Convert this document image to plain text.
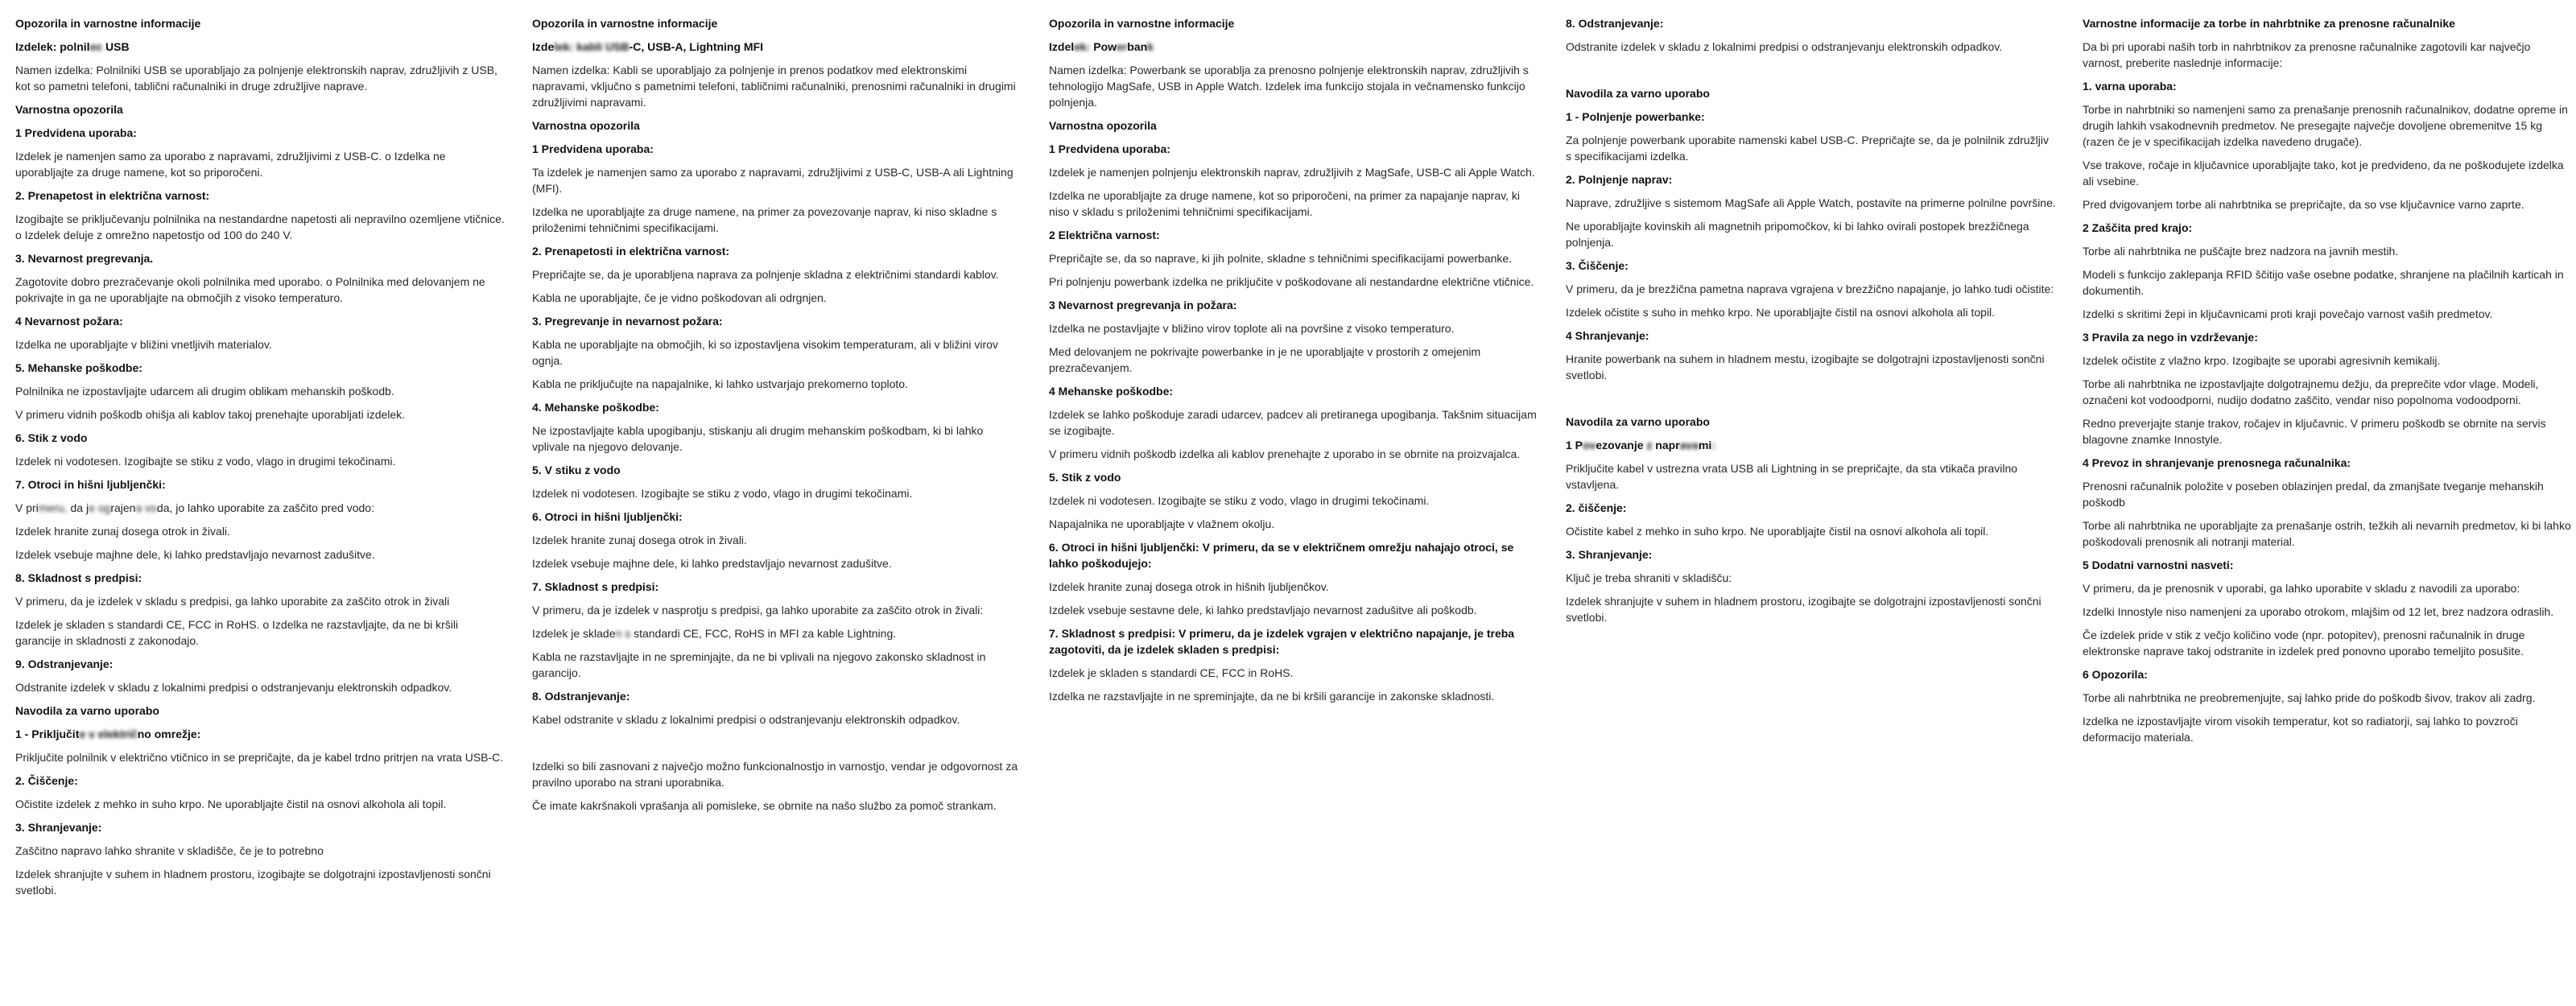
Opozorila in varnostne informacije
Izdelek: polnilec USB

Namen izdelka: Polnilniki USB se uporabljajo za polnjenje elektronskih naprav, združljivih z USB, kot so pametni telefoni, tablični računalniki in druge združljive naprave.

Varnostna opozorila
1 Predvidena uporaba:

Izdelek je namenjen samo za uporabo z napravami, združljivimi z USB-C. o Izdelka ne uporabljajte za druge namene, kot so priporočeni.

2. Prenapetost in električna varnost:

Izogibajte se priključevanju polnilnika na nestandardne napetosti ali nepravilno ozemljene vtičnice. o Izdelek deluje z omrežno napetostjo od 100 do 240 V.

3. Nevarnost pregrevanja.

Zagotovite dobro prezračevanje okoli polnilnika med uporabo. o Polnilnika med delovanjem ne pokrivajte in ga ne uporabljajte na območjih z visoko temperaturo.

4 Nevarnost požara:

Izdelka ne uporabljajte v bližini vnetljivih materialov.

5. Mehanske poškodbe:

Polnilnika ne izpostavljajte udarcem ali drugim oblikam mehanskih poškodb.

V primeru vidnih poškodb ohišja ali kablov takoj prenehajte uporabljati izdelek.

6. Stik z vodo

Izdelek ni vodotesen. Izogibajte se stiku z vodo, vlago in drugimi tekočinami.

7. Otroci in hišni ljubljenčki:

V primeru, da je ograjena voda, jo lahko uporabite za zaščito pred vodo:

Izdelek hranite zunaj dosega otrok in živali.

Izdelek vsebuje majhne dele, ki lahko predstavljajo nevarnost zadušitve.

8. Skladnost s predpisi:

V primeru, da je izdelek v skladu s predpisi, ga lahko uporabite za zaščito otrok in živali

Izdelek je skladen s standardi CE, FCC in RoHS. o Izdelka ne razstavljajte, da ne bi kršili garancije in skladnosti z zakonodajo.

9. Odstranjevanje:

Odstranite izdelek v skladu z lokalnimi predpisi o odstranjevanju elektronskih odpadkov.

Navodila za varno uporabo
1 - Priključite v električno omrežje:

Priključite polnilnik v električno vtičnico in se prepričajte, da je kabel trdno pritrjen na vrata USB-C.

2. Čiščenje:

Očistite izdelek z mehko in suho krpo. Ne uporabljajte čistil na osnovi alkohola ali topil.

3. Shranjevanje:

Zaščitno napravo lahko shranite v skladišče, če je to potrebno

Izdelek shranjujte v suhem in hladnem prostoru, izogibajte se dolgotrajni izpostavljenosti sončni svetlobi.

Opozorila in varnostne informacije
Izdelek: kabli USB-C, USB-A, Lightning MFI

Namen izdelka: Kabli se uporabljajo za polnjenje in prenos podatkov med elektronskimi napravami, vključno s pametnimi telefoni, tabličnimi računalniki, prenosnimi računalniki in drugimi združljivimi napravami.

Varnostna opozorila
1 Predvidena uporaba:

Ta izdelek je namenjen samo za uporabo z napravami, združljivimi z USB-C, USB-A ali Lightning (MFI).

Izdelka ne uporabljajte za druge namene, na primer za povezovanje naprav, ki niso skladne s priloženimi tehničnimi specifikacijami.

2. Prenapetosti in električna varnost:

Prepričajte se, da je uporabljena naprava za polnjenje skladna z električnimi standardi kablov.

Kabla ne uporabljajte, če je vidno poškodovan ali odrgnjen.

3. Pregrevanje in nevarnost požara:

Kabla ne uporabljajte na območjih, ki so izpostavljena visokim temperaturam, ali v bližini virov ognja.

Kabla ne priključujte na napajalnike, ki lahko ustvarjajo prekomerno toploto.

4. Mehanske poškodbe:

Ne izpostavljajte kabla upogibanju, stiskanju ali drugim mehanskim poškodbam, ki bi lahko vplivale na njegovo delovanje.

5. V stiku z vodo

Izdelek ni vodotesen. Izogibajte se stiku z vodo, vlago in drugimi tekočinami.

6. Otroci in hišni ljubljenčki:

Izdelek hranite zunaj dosega otrok in živali.

Izdelek vsebuje majhne dele, ki lahko predstavljajo nevarnost zadušitve.

7. Skladnost s predpisi:

V primeru, da je izdelek v nasprotju s predpisi, ga lahko uporabite za zaščito otrok in živali:

Izdelek je skladen s standardi CE, FCC, RoHS in MFI za kable Lightning.

Kabla ne razstavljajte in ne spreminjajte, da ne bi vplivali na njegovo zakonsko skladnost in garancijo.

8. Odstranjevanje:

Kabel odstranite v skladu z lokalnimi predpisi o odstranjevanju elektronskih odpadkov.

Izdelki so bili zasnovani z največjo možno funkcionalnostjo in varnostjo, vendar je odgovornost za pravilno uporabo na strani uporabnika.

Če imate kakršnakoli vprašanja ali pomisleke, se obrnite na našo službo za pomoč strankam.

Opozorila in varnostne informacije
Izdelek: Powerbank

Namen izdelka: Powerbank se uporablja za prenosno polnjenje elektronskih naprav, združljivih s tehnologijo MagSafe, USB in Apple Watch. Izdelek ima funkcijo stojala in večnamensko funkcijo polnjenja.

Varnostna opozorila
1 Predvidena uporaba:

Izdelek je namenjen polnjenju elektronskih naprav, združljivih z MagSafe, USB-C ali Apple Watch.

Izdelka ne uporabljajte za druge namene, kot so priporočeni, na primer za napajanje naprav, ki niso v skladu s priloženimi tehničnimi specifikacijami.

2 Električna varnost:

Prepričajte se, da so naprave, ki jih polnite, skladne s tehničnimi specifikacijami powerbanke.

Pri polnjenju powerbank izdelka ne priključite v poškodovane ali nestandardne električne vtičnice.

3 Nevarnost pregrevanja in požara:

Izdelka ne postavljajte v bližino virov toplote ali na površine z visoko temperaturo.

Med delovanjem ne pokrivajte powerbanke in je ne uporabljajte v prostorih z omejenim prezračevanjem.

4 Mehanske poškodbe:

Izdelek se lahko poškoduje zaradi udarcev, padcev ali pretiranega upogibanja. Takšnim situacijam se izogibajte.

V primeru vidnih poškodb izdelka ali kablov prenehajte z uporabo in se obrnite na proizvajalca.

5. Stik z vodo

Izdelek ni vodotesen. Izogibajte se stiku z vodo, vlago in drugimi tekočinami.

Napajalnika ne uporabljajte v vlažnem okolju.

6. Otroci in hišni ljubljenčki: V primeru, da se v električnem omrežju nahajajo otroci, se lahko poškodujejo:

Izdelek hranite zunaj dosega otrok in hišnih ljubljenčkov.

Izdelek vsebuje sestavne dele, ki lahko predstavljajo nevarnost zadušitve ali poškodb.

7. Skladnost s predpisi: V primeru, da je izdelek vgrajen v električno napajanje, je treba zagotoviti, da je izdelek skladen s predpisi:

Izdelek je skladen s standardi CE, FCC in RoHS.

Izdelka ne razstavljajte in ne spreminjajte, da ne bi kršili garancije in zakonske skladnosti.

8. Odstranjevanje:

Odstranite izdelek v skladu z lokalnimi predpisi o odstranjevanju elektronskih odpadkov.

Navodila za varno uporabo
1 - Polnjenje powerbanke:

Za polnjenje powerbank uporabite namenski kabel USB-C. Prepričajte se, da je polnilnik združljiv s specifikacijami izdelka.

2. Polnjenje naprav:

Naprave, združljive s sistemom MagSafe ali Apple Watch, postavite na primerne polnilne površine.

Ne uporabljajte kovinskih ali magnetnih pripomočkov, ki bi lahko ovirali postopek brezžičnega polnjenja.

3. Čiščenje:

V primeru, da je brezžična pametna naprava vgrajena v brezžično napajanje, jo lahko tudi očistite:

Izdelek očistite s suho in mehko krpo. Ne uporabljajte čistil na osnovi alkohola ali topil.

4 Shranjevanje:

Hranite powerbank na suhem in hladnem mestu, izogibajte se dolgotrajni izpostavljenosti sončni svetlobi.

Navodila za varno uporabo
1 Povezovanje z napravami:

Priključite kabel v ustrezna vrata USB ali Lightning in se prepričajte, da sta vtikača pravilno vstavljena.

2. čiščenje:

Očistite kabel z mehko in suho krpo. Ne uporabljajte čistil na osnovi alkohola ali topil.

3. Shranjevanje:

Ključ je treba shraniti v skladišču:

Izdelek shranjujte v suhem in hladnem prostoru, izogibajte se dolgotrajni izpostavljenosti sončni svetlobi.

Varnostne informacije za torbe in nahrbtnike za prenosne računalnike

Da bi pri uporabi naših torb in nahrbtnikov za prenosne računalnike zagotovili kar največjo varnost, preberite naslednje informacije:

1. varna uporaba:

Torbe in nahrbtniki so namenjeni samo za prenašanje prenosnih računalnikov, dodatne opreme in drugih lahkih vsakodnevnih predmetov. Ne presegajte največje dovoljene obremenitve 15 kg (razen če je v specifikacijah izdelka navedeno drugače).

Vse trakove, ročaje in ključavnice uporabljajte tako, kot je predvideno, da ne poškodujete izdelka ali vsebine.

Pred dvigovanjem torbe ali nahrbtnika se prepričajte, da so vse ključavnice varno zaprte.

2 Zaščita pred krajo:

Torbe ali nahrbtnika ne puščajte brez nadzora na javnih mestih.

Modeli s funkcijo zaklepanja RFID ščitijo vaše osebne podatke, shranjene na plačilnih karticah in dokumentih.

Izdelki s skritimi žepi in ključavnicami proti kraji povečajo varnost vaših predmetov.

3 Pravila za nego in vzdrževanje:

Izdelek očistite z vlažno krpo. Izogibajte se uporabi agresivnih kemikalij.

Torbe ali nahrbtnika ne izpostavljajte dolgotrajnemu dežju, da preprečite vdor vlage. Modeli, označeni kot vodoodporni, nudijo dodatno zaščito, vendar niso popolnoma vodoodporni.

Redno preverjajte stanje trakov, ročajev in ključavnic. V primeru poškodb se obrnite na servis blagovne znamke Innostyle.

4 Prevoz in shranjevanje prenosnega računalnika:

Prenosni računalnik položite v poseben oblazinjen predal, da zmanjšate tveganje mehanskih poškodb

Torbe ali nahrbtnika ne uporabljajte za prenašanje ostrih, težkih ali nevarnih predmetov, ki bi lahko poškodovali prenosnik ali notranji material.

5 Dodatni varnostni nasveti:

V primeru, da je prenosnik v uporabi, ga lahko uporabite v skladu z navodili za uporabo:

Izdelki Innostyle niso namenjeni za uporabo otrokom, mlajšim od 12 let, brez nadzora odraslih.

Če izdelek pride v stik z večjo količino vode (npr. potopitev), prenosni računalnik in druge elektronske naprave takoj odstranite in izdelek pred ponovno uporabo temeljito posušite.

6 Opozorila:

Torbe ali nahrbtnika ne preobremenjujte, saj lahko pride do poškodb šivov, trakov ali zadrg.

Izdelka ne izpostavljajte virom visokih temperatur, kot so radiatorji, saj lahko to povzroči deformacijo materiala.
